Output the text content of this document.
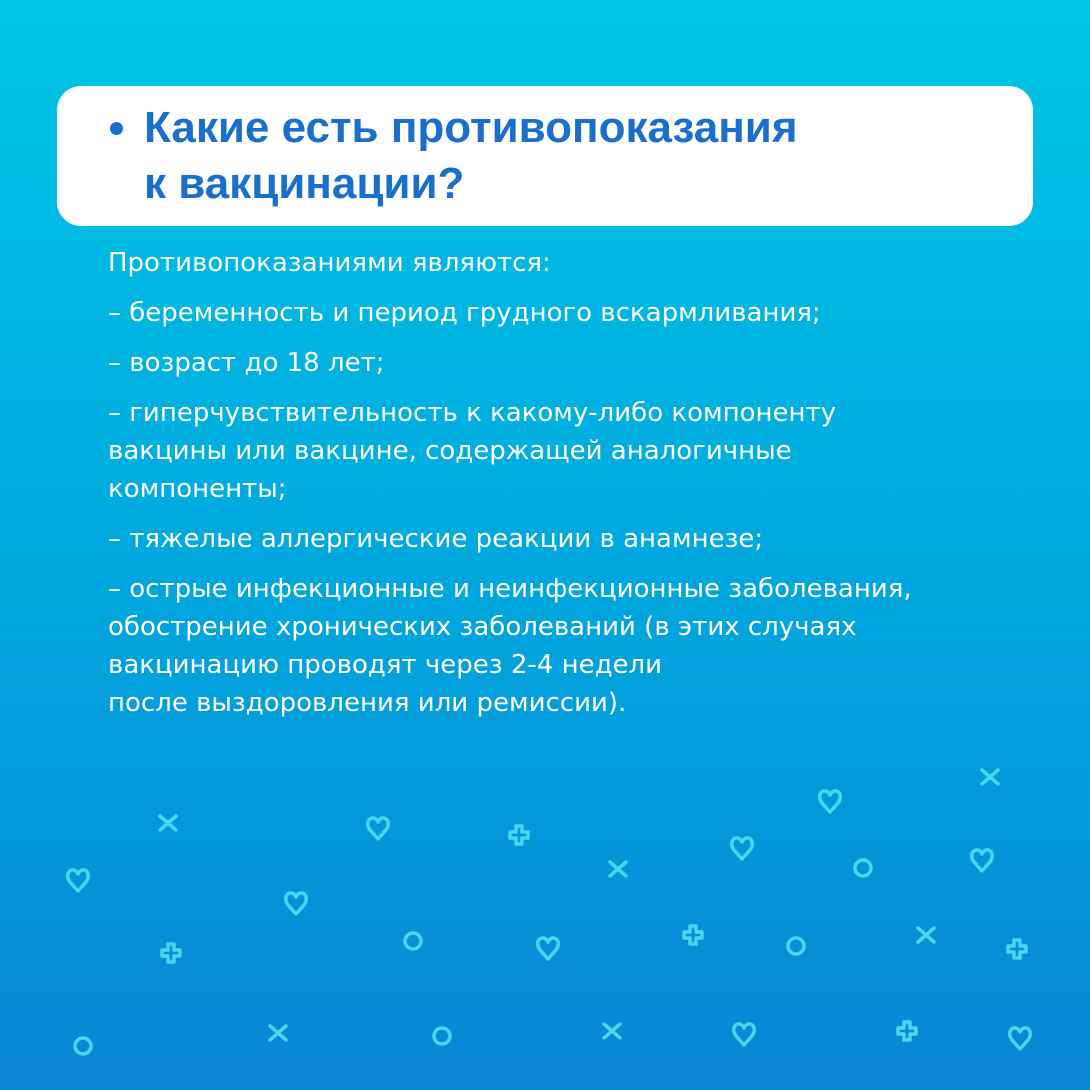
Какие есть противопоказания
к вакцинации?

Противопоказаниями являются:

– беременность и период грудного вскармливания;

– возраст до 18 лет;

– гиперчувствительность к какому-либо компоненту
вакцины или вакцине, содержащей аналогичные
компоненты;

– тяжелые аллергические реакции в анамнезе;

– острые инфекционные и неинфекционные заболевания,
обострение хронических заболеваний (в этих случаях
вакцинацию проводят через 2-4 недели
после выздоровления или ремиссии).
